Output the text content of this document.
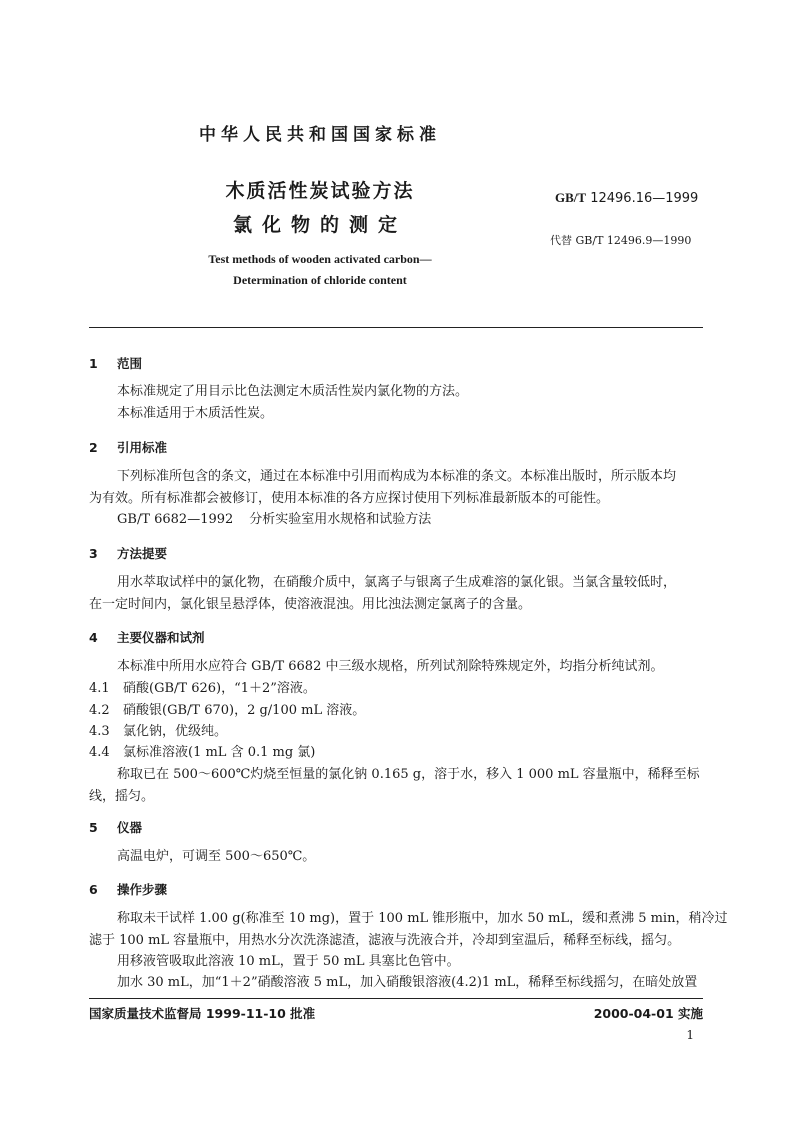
中华人民共和国国家标准
木质活性炭试验方法
氯化物的测定
GB/T 12496.16—1999
代替 GB/T 12496.9—1990
Test methods of wooden activated carbon—
Determination of chloride content
1 范围
本标准规定了用目示比色法测定木质活性炭内氯化物的方法。
本标准适用于木质活性炭。
2 引用标准
下列标准所包含的条文，通过在本标准中引用而构成为本标准的条文。本标准出版时，所示版本均
为有效。所有标准都会被修订，使用本标准的各方应探讨使用下列标准最新版本的可能性。
GB/T 6682—1992 分析实验室用水规格和试验方法
3 方法提要
用水萃取试样中的氯化物，在硝酸介质中，氯离子与银离子生成难溶的氯化银。当氯含量较低时，
在一定时间内，氯化银呈悬浮体，使溶液混浊。用比浊法测定氯离子的含量。
4 主要仪器和试剂
本标准中所用水应符合 GB/T 6682 中三级水规格，所列试剂除特殊规定外，均指分析纯试剂。
4.1 硝酸(GB/T 626)，“1＋2”溶液。
4.2 硝酸银(GB/T 670)，2 g/100 mL 溶液。
4.3 氯化钠，优级纯。
4.4 氯标准溶液(1 mL 含 0.1 mg 氯)
称取已在 500～600℃灼烧至恒量的氯化钠 0.165 g，溶于水，移入 1 000 mL 容量瓶中，稀释至标
线，摇匀。
5 仪器
高温电炉，可调至 500～650℃。
6 操作步骤
称取未干试样 1.00 g(称准至 10 mg)，置于 100 mL 锥形瓶中，加水 50 mL，缓和煮沸 5 min，稍冷过
滤于 100 mL 容量瓶中，用热水分次洗涤滤渣，滤液与洗液合并，冷却到室温后，稀释至标线，摇匀。
用移液管吸取此溶液 10 mL，置于 50 mL 具塞比色管中。
加水 30 mL，加“1＋2”硝酸溶液 5 mL，加入硝酸银溶液(4.2)1 mL，稀释至标线摇匀，在暗处放置
国家质量技术监督局 1999-11-10 批准	2000-04-01 实施
1
